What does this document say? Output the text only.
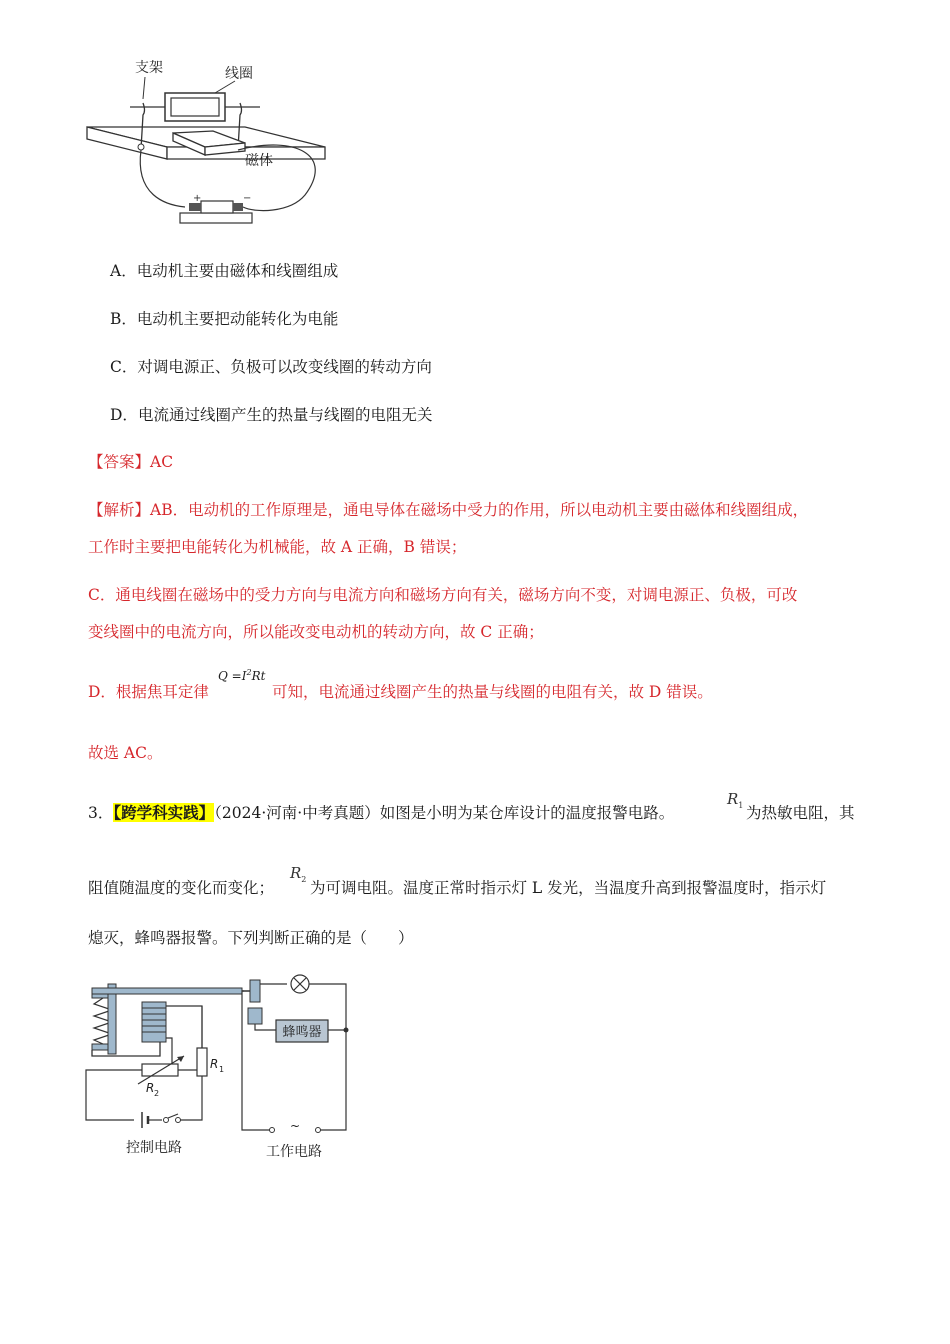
+	−
支架	线圈
磁体
A．电动机主要由磁体和线圈组成
B．电动机主要把动能转化为电能
C．对调电源正、负极可以改变线圈的转动方向
D．电流通过线圈产生的热量与线圈的电阻无关
【答案】AC
【解析】AB．电动机的工作原理是，通电导体在磁场中受力的作用，所以电动机主要由磁体和线圈组成，
工作时主要把电能转化为机械能，故 A 正确，B 错误；
C．通电线圈在磁场中的受力方向与电流方向和磁场方向有关，磁场方向不变，对调电源正、负极，可改
变线圈中的电流方向，所以能改变电动机的转动方向，故 C 正确；
D．根据焦耳定律
$Q =I^2Rt$
可知，电流通过线圈产生的热量与线圈的电阻有关，故 D 错误。
故选 AC。
3．【跨学科实践】（2024·河南·中考真题）如图是小明为某仓库设计的温度报警电路。
$R_1$ 为热敏电阻，其
阻值随温度的变化而变化；
$R_2$ 为可调电阻。温度正常时指示灯 L 发光，当温度升高到报警温度时，指示灯
熄灭，蜂鸣器报警。下列判断正确的是（　　）
蜂鸣器
~
R 1
R 2
控制电路	工作电路
